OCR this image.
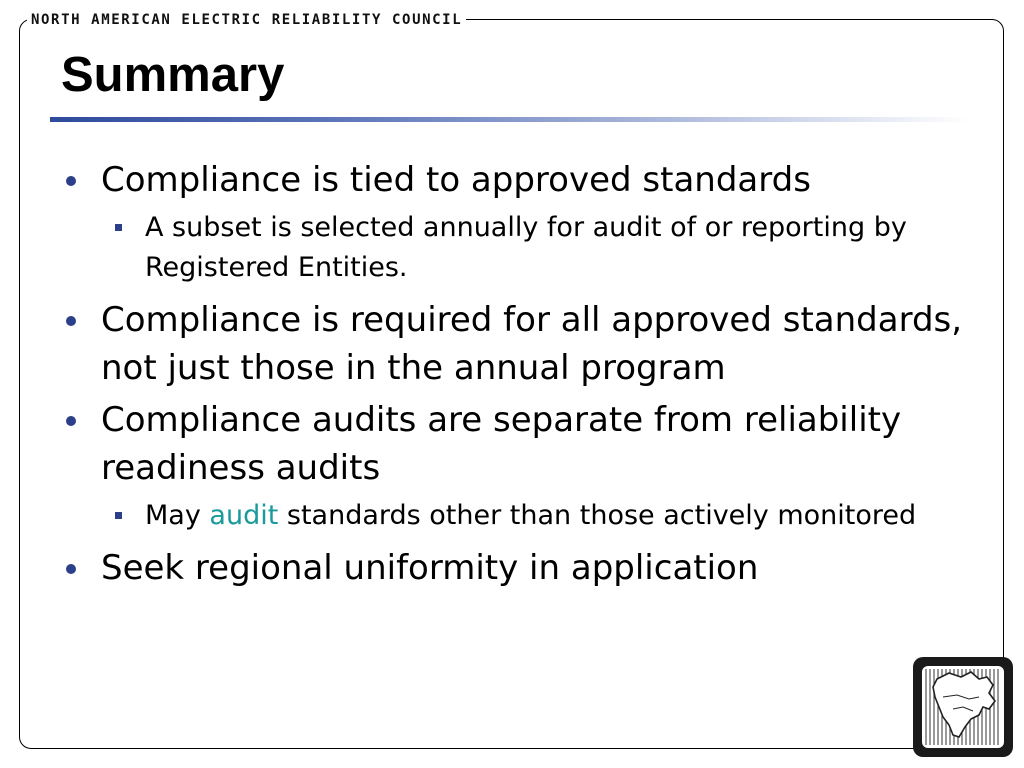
NORTH AMERICAN ELECTRIC RELIABILITY COUNCIL
Summary
Compliance is tied to approved standards
A subset is selected annually for audit of or reporting by Registered Entities.
Compliance is required for all approved standards, not just those in the annual program
Compliance audits are separate from reliability readiness audits
May audit standards other than those actively monitored
Seek regional uniformity in application
